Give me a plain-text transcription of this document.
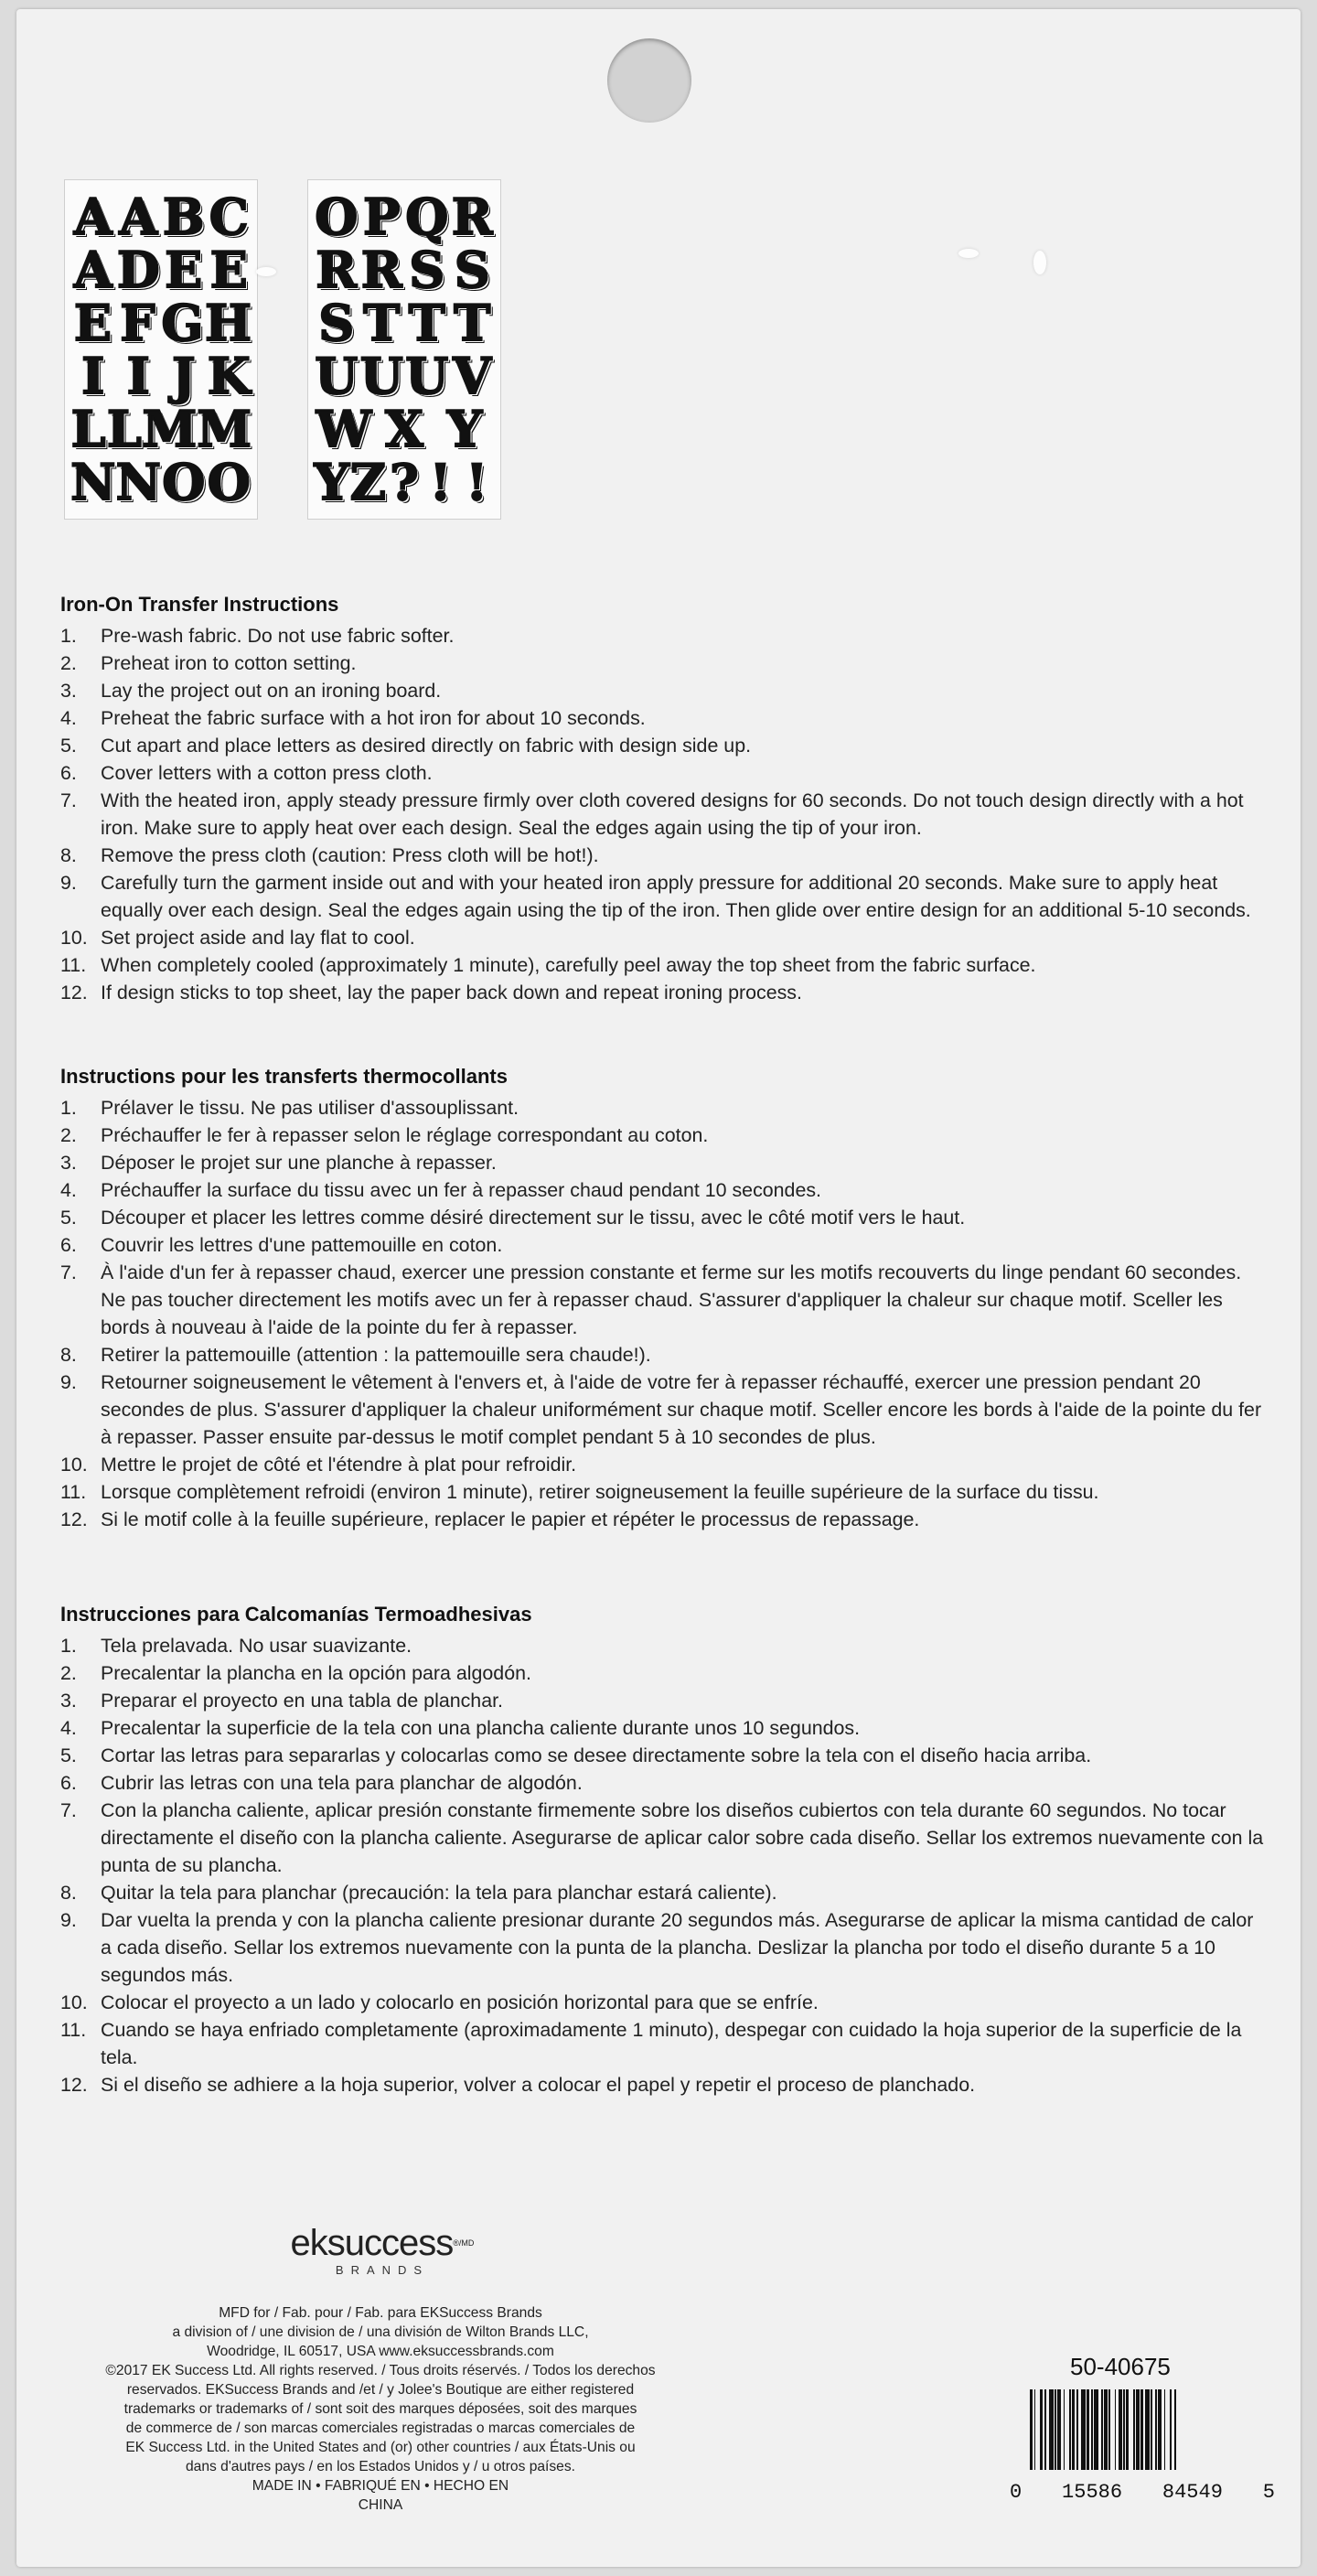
A A B C
A D E E
E F G H
I I J K
L L M M
N N O O
O P Q R
R R S S
S T T T
U U U V
W X Y
Y Z ? ! !
Iron-On Transfer Instructions
1.	Pre-wash fabric. Do not use fabric softer.
2.	Preheat iron to cotton setting.
3.	Lay the project out on an ironing board.
4.	Preheat the fabric surface with a hot iron for about 10 seconds.
5.	Cut apart and place letters as desired directly on fabric with design side up.
6.	Cover letters with a cotton press cloth.
7.	With the heated iron, apply steady pressure firmly over cloth covered designs for 60 seconds. Do not touch design directly with a hot iron. Make sure to apply heat over each design. Seal the edges again using the tip of your iron.
8.	Remove the press cloth (caution: Press cloth will be hot!).
9.	Carefully turn the garment inside out and with your heated iron apply pressure for additional 20 seconds. Make sure to apply heat equally over each design. Seal the edges again using the tip of the iron. Then glide over entire design for an additional 5-10 seconds.
10. Set project aside and lay flat to cool.
11. When completely cooled (approximately 1 minute), carefully peel away the top sheet from the fabric surface.
12. If design sticks to top sheet, lay the paper back down and repeat ironing process.
Instructions pour les transferts thermocollants
1.	Prélaver le tissu. Ne pas utiliser d'assouplissant.
2.	Préchauffer le fer à repasser selon le réglage correspondant au coton.
3.	Déposer le projet sur une planche à repasser.
4.	Préchauffer la surface du tissu avec un fer à repasser chaud pendant 10 secondes.
5.	Découper et placer les lettres comme désiré directement sur le tissu, avec le côté motif vers le haut.
6.	Couvrir les lettres d'une pattemouille en coton.
7.	À l'aide d'un fer à repasser chaud, exercer une pression constante et ferme sur les motifs recouverts du linge pendant 60 secondes. Ne pas toucher directement les motifs avec un fer à repasser chaud. S'assurer d'appliquer la chaleur sur chaque motif. Sceller les bords à nouveau à l'aide de la pointe du fer à repasser.
8.	Retirer la pattemouille (attention : la pattemouille sera chaude!).
9.	Retourner soigneusement le vêtement à l'envers et, à l'aide de votre fer à repasser réchauffé, exercer une pression pendant 20 secondes de plus. S'assurer d'appliquer la chaleur uniformément sur chaque motif. Sceller encore les bords à l'aide de la pointe du fer à repasser. Passer ensuite par-dessus le motif complet pendant 5 à 10 secondes de plus.
10. Mettre le projet de côté et l'étendre à plat pour refroidir.
11. Lorsque complètement refroidi (environ 1 minute), retirer soigneusement la feuille supérieure de la surface du tissu.
12. Si le motif colle à la feuille supérieure, replacer le papier et répéter le processus de repassage.
Instrucciones para Calcomanías Termoadhesivas
1.	Tela prelavada. No usar suavizante.
2.	Precalentar la plancha en la opción para algodón.
3.	Preparar el proyecto en una tabla de planchar.
4.	Precalentar la superficie de la tela con una plancha caliente durante unos 10 segundos.
5.	Cortar las letras para separarlas y colocarlas como se desee directamente sobre la tela con el diseño hacia arriba.
6.	Cubrir las letras con una tela para planchar de algodón.
7.	Con la plancha caliente, aplicar presión constante firmemente sobre los diseños cubiertos con tela durante 60 segundos. No tocar directamente el diseño con la plancha caliente. Asegurarse de aplicar calor sobre cada diseño. Sellar los extremos nuevamente con la punta de su plancha.
8.	Quitar la tela para planchar (precaución: la tela para planchar estará caliente).
9.	Dar vuelta la prenda y con la plancha caliente presionar durante 20 segundos más. Asegurarse de aplicar la misma cantidad de calor a cada diseño. Sellar los extremos nuevamente con la punta de la plancha. Deslizar la plancha por todo el diseño durante 5 a 10 segundos más.
10. Colocar el proyecto a un lado y colocarlo en posición horizontal para que se enfríe.
11. Cuando se haya enfriado completamente (aproximadamente 1 minuto), despegar con cuidado la hoja superior de la superficie de la tela.
12. Si el diseño se adhiere a la hoja superior, volver a colocar el papel y repetir el proceso de planchado.
eksuccess$^{®/MD}$
BRANDS
MFD for / Fab. pour / Fab. para EKSuccess Brands
a division of / une division de / una división de Wilton Brands LLC,
Woodridge, IL 60517, USA www.eksuccessbrands.com
©2017 EK Success Ltd. All rights reserved. / Tous droits réservés. / Todos los derechos
reservados. EKSuccess Brands and /et / y Jolee's Boutique are either registered
trademarks or trademarks of / sont soit des marques déposées, soit des marques
de commerce de / son marcas comerciales registradas o marcas comerciales de
EK Success Ltd. in the United States and (or) other countries / aux États-Unis ou
dans d'autres pays / en los Estados Unidos y / u otros países.
MADE IN • FABRIQUÉ EN • HECHO EN
CHINA
50-40675
0 15586 84549 5
